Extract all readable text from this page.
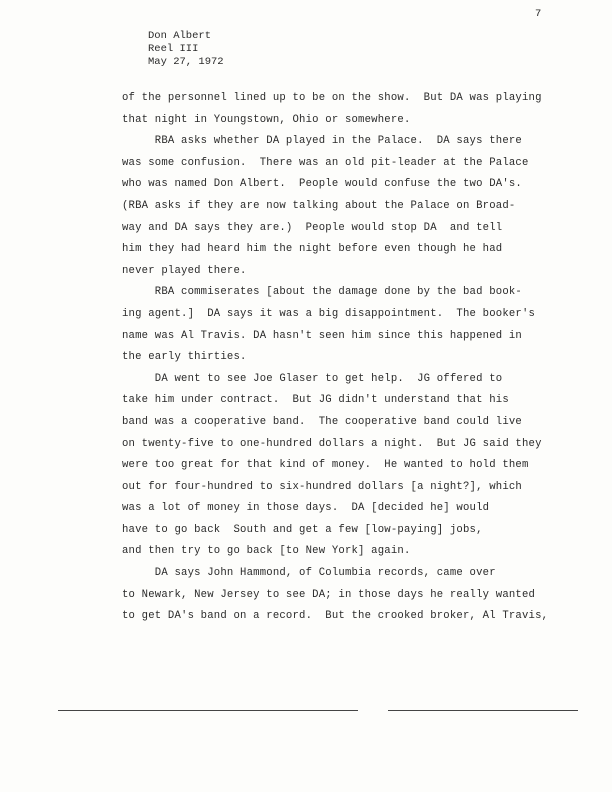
7
Don Albert
Reel III
May 27, 1972
of the personnel lined up to be on the show.  But DA was playing
that night in Youngstown, Ohio or somewhere.
RBA asks whether DA played in the Palace.  DA says there
was some confusion.  There was an old pit-leader at the Palace
who was named Don Albert.  People would confuse the two DA's.
(RBA asks if they are now talking about the Palace on Broad-
way and DA says they are.)  People would stop DA  and tell
him they had heard him the night before even though he had
never played there.
RBA commiserates [about the damage done by the bad book-
ing agent.]  DA says it was a big disappointment.  The booker's
name was Al Travis. DA hasn't seen him since this happened in
the early thirties.
DA went to see Joe Glaser to get help.  JG offered to
take him under contract.  But JG didn't understand that his
band was a cooperative band.  The cooperative band could live
on twenty-five to one-hundred dollars a night.  But JG said they
were too great for that kind of money.  He wanted to hold them
out for four-hundred to six-hundred dollars [a night?], which
was a lot of money in those days.  DA [decided he] would
have to go back  South and get a few [low-paying] jobs,
and then try to go back [to New York] again.
DA says John Hammond, of Columbia records, came over
to Newark, New Jersey to see DA; in those days he really wanted
to get DA's band on a record.  But the crooked broker, Al Travis,
